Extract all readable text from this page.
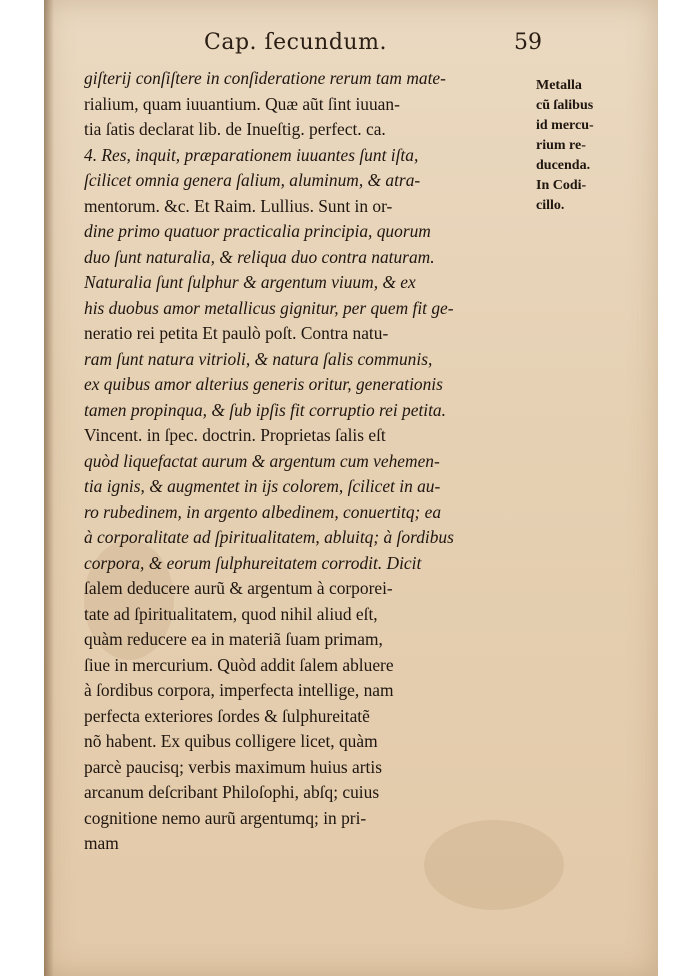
Cap. ſecundum.	59
giſterij conſiſtere in conſideratione rerum tam mate-
rialium, quam iuuantium. Quæ aũt ſint iuuan-
tia ſatis declarat lib. de Inueſtig. perfect. ca.
4. Res, inquit, præparationem iuuantes ſunt iſta,
ſcilicet omnia genera ſalium, aluminum, & atra-
mentorum. &c. Et Raim. Lullius. Sunt in or-
dine primo quatuor practicalia principia, quorum
duo ſunt naturalia, & reliqua duo contra naturam.
Naturalia ſunt ſulphur & argentum viuum, & ex
his duobus amor metallicus gignitur, per quem fit ge-
neratio rei petita Et paulò poſt. Contra natu-
ram ſunt natura vitrioli, & natura ſalis communis,
ex quibus amor alterius generis oritur, generationis
tamen propinqua, & ſub ipſis fit corruptio rei petita.
Vincent. in ſpec. doctrin. Proprietas ſalis eſt
quòd liquefactat aurum & argentum cum vehemen-
tia ignis, & augmentet in ijs colorem, ſcilicet in au-
ro rubedinem, in argento albedinem, conuertitq; ea
à corporalitate ad ſpiritualitatem, abluitq; à ſordibus
corpora, & eorum ſulphureitatem corrodit. Dicit
ſalem deducere aurũ & argentum à corporei-
tate ad ſpiritualitatem, quod nihil aliud eſt,
quàm reducere ea in materiã ſuam primam,
ſiue in mercurium. Quòd addit ſalem abluere
à ſordibus corpora, imperfecta intellige, nam
perfecta exteriores ſordes & ſulphureitatẽ
nõ habent. Ex quibus colligere licet, quàm
parcè paucisq; verbis maximum huius artis
arcanum deſcribant Philoſophi, abſq; cuius
cognitione nemo aurũ argentumq; in pri-
mam
Metalla
cũ ſalibus
id mercu-
rium re-
ducenda.
In Codi-
cillo.
